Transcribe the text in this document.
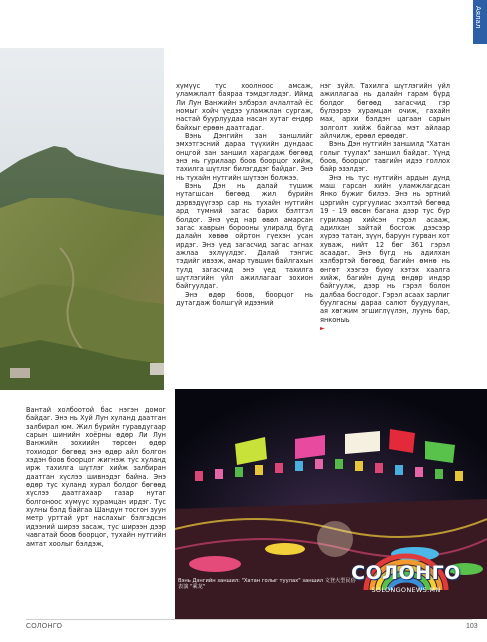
Аялал

хүмүүс тус хоолноос амсаж, уламжлалт баяраа тэмдэглэдэг. Иймд Ли Лун Ванжийн элбэрэл ачлалтай ёс номыг хойч үедээ уламжлан сургаж, настай буурлуудаа насан хутаг ендөр байхыг ерөөн даатгадаг.

Вэнь Дэнгийн зан заншлийг эмхэтгэсний дараа түүхийн дундаас онцгой зан заншил харагдаж бөгөөд энэ нь гурилаар боов боорцог хийж, тахилга шүтлэг билэгддэг байдаг. Энэ нь тухайн нутгийн шүтээн болжээ.

Вэнь Дэн нь далай түшиж нутагшсан бөгөөд жил бүрийн дэрвэдүүгээр сар нь тухайн нутгийн ард түмний загас барих бэлтгэл болдог. Энэ үед нар өвөл амарсан загас хаврын борооны улиралд бүгд далайн хөвөө ойртон гүехэн усан ирдэг. Энэ үед загасчид загас агнах ажлаа эхлүүлдэг. Далай тэнгис тэдийг ивээж, амар тувшин байлгахын тулд загасчид энэ үед тахилга шүтлэгийн үйл ажиллагааг зохион байгуулдаг.

Энэ өдөр боов, боорцог нь дутагдаж болшгүй идээний

нэг зүйл. Тахилга шүтлэгийн үйл ажиллагаа нь далайн гарам бүрд болдог бөгөөд загасчид гэр бүлээрээ хурамцан очиж, гахайн мах, архи бэлдэн цагаан сарын золголт хийж байгаа мэт айлаар айлчилж, ерөөл ерөөдөг.

Вэнь Дэн нутгийн заншилд "Хатан голыг туулах" заншил байдаг. Үүнд боов, боорцог тавгийн идээ голлох байр эзэлдэг.

Энэ нь тус нутгийн ардын дунд маш гарсан хийн уламжлагдсан Янко бүжиг билээ. Энэ нь эртний цэргийн сургуулиас эхэлтэй бөгөөд 19 - 19 өвсөн багана дээр тус бүр гурилаар хийсэн гэрэл асааж, адилхан зайтай босгож дээсээр хүрээ татан, зүүн, баруун гурван хот хуваж, нийт 12 бөг 361 гэрэл асаадаг. Энэ бүгд нь адилхан хэлбэртэй бөгөөд багийн өмнө нь өнгөт хээгээ буюу хэтэх хаалга хийж, багийн дунд өндөр индэр байгуулж, дээр нь гэрэл болон далбаа босгодог. Гэрэл асаах зарлиг буулгасны дараа салют буудуулан, ая хөгжим эгшиглүүлэн, луунь бар, янконыь

►

Вантай холбоотой бас нэгэн домог байдаг. Энэ нь Хуй Лун хуланд даатган залбирал юм. Жил бүрийн гуравдугаар сарын шинийн хоёрны өдөр Ли Лун Ванжийн зохиийн төрсөн өдөр тохиодог бөгөөд энэ өдөр айл болгон хэдэн боов боорцог жигнэж тус хуланд ирж тахилга шүтлэг хийж залбиран даатган хүслээ шивнэдэг байна. Энэ өдөр тус хуланд хурал болдог бөгөөд хүслээ даатгахаар газар нутаг болгоноос хүмүүс хурамцан ирдэг. Тус хулны бэлд байгаа Шандун тосгон зуун метр урттай урт наслахыг бэлгэдсэн идээний ширээ засаж, тус ширээн дээр чавгатай боов боорцог, тухайн нутгийн амтат хоолыг бэлдэж,

Вэнь Дэнгийн заншил: "Хатан голыг туулах" заншил 文登大型民俗表演 "乘龙"
СОЛОНГО
SOLONGONEWS.MN
СОЛОНГО	103
